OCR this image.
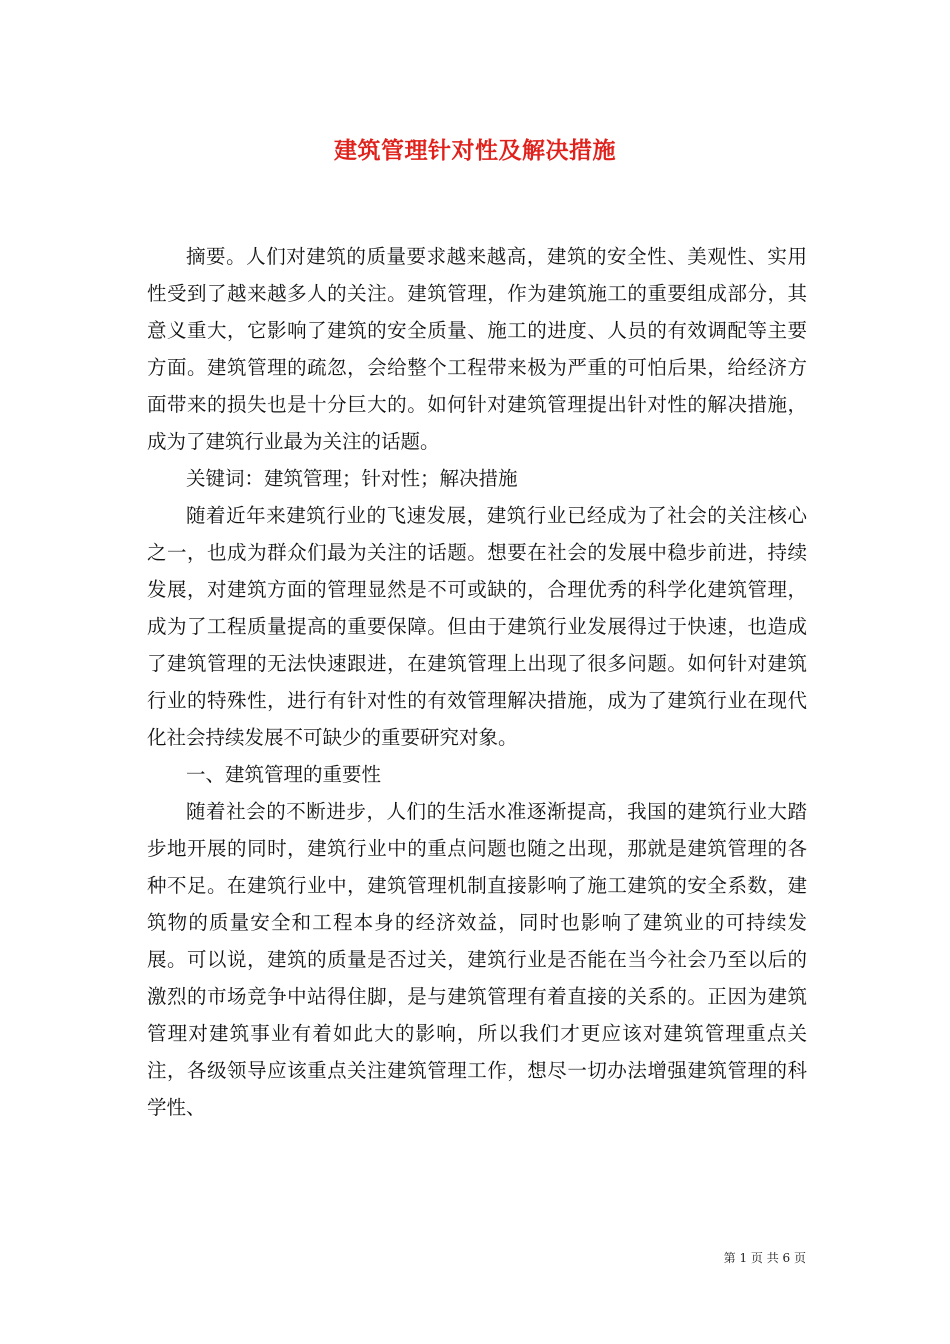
建筑管理针对性及解决措施

摘要。人们对建筑的质量要求越来越高，建筑的安全性、美观性、实用性受到了越来越多人的关注。建筑管理，作为建筑施工的重要组成部分，其意义重大，它影响了建筑的安全质量、施工的进度、人员的有效调配等主要方面。建筑管理的疏忽，会给整个工程带来极为严重的可怕后果，给经济方面带来的损失也是十分巨大的。如何针对建筑管理提出针对性的解决措施，成为了建筑行业最为关注的话题。

关键词：建筑管理；针对性；解决措施

随着近年来建筑行业的飞速发展，建筑行业已经成为了社会的关注核心之一，也成为群众们最为关注的话题。想要在社会的发展中稳步前进，持续发展，对建筑方面的管理显然是不可或缺的，合理优秀的科学化建筑管理，成为了工程质量提高的重要保障。但由于建筑行业发展得过于快速，也造成了建筑管理的无法快速跟进，在建筑管理上出现了很多问题。如何针对建筑行业的特殊性，进行有针对性的有效管理解决措施，成为了建筑行业在现代化社会持续发展不可缺少的重要研究对象。

一、建筑管理的重要性

随着社会的不断进步，人们的生活水准逐渐提高，我国的建筑行业大踏步地开展的同时，建筑行业中的重点问题也随之出现，那就是建筑管理的各种不足。在建筑行业中，建筑管理机制直接影响了施工建筑的安全系数，建筑物的质量安全和工程本身的经济效益，同时也影响了建筑业的可持续发展。可以说，建筑的质量是否过关，建筑行业是否能在当今社会乃至以后的激烈的市场竞争中站得住脚，是与建筑管理有着直接的关系的。正因为建筑管理对建筑事业有着如此大的影响，所以我们才更应该对建筑管理重点关注，各级领导应该重点关注建筑管理工作，想尽一切办法增强建筑管理的科学性、

第 1 页 共 6 页
